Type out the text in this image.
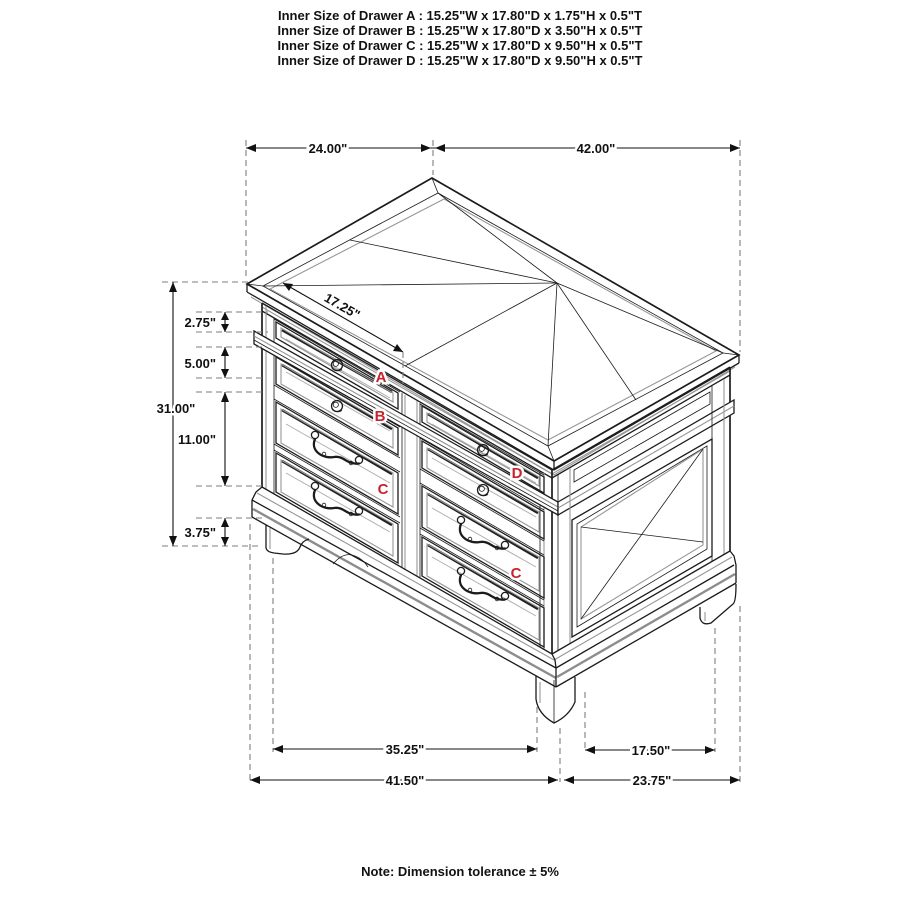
24.00"	42.00"
31.00"
2.75"
5.00"
11.00"
3.75"
17.25"
35.25"	17.50"
41.50"	23.75"
A
B
C
D
C
Inner Size of Drawer A : 15.25"W x 17.80"D x 1.75"H x 0.5"T
Inner Size of Drawer B : 15.25"W x 17.80"D x 3.50"H x 0.5"T
Inner Size of Drawer C : 15.25"W x 17.80"D x 9.50"H x 0.5"T
Inner Size of Drawer D : 15.25"W x 17.80"D x 9.50"H x 0.5"T
Note: Dimension tolerance ± 5%
